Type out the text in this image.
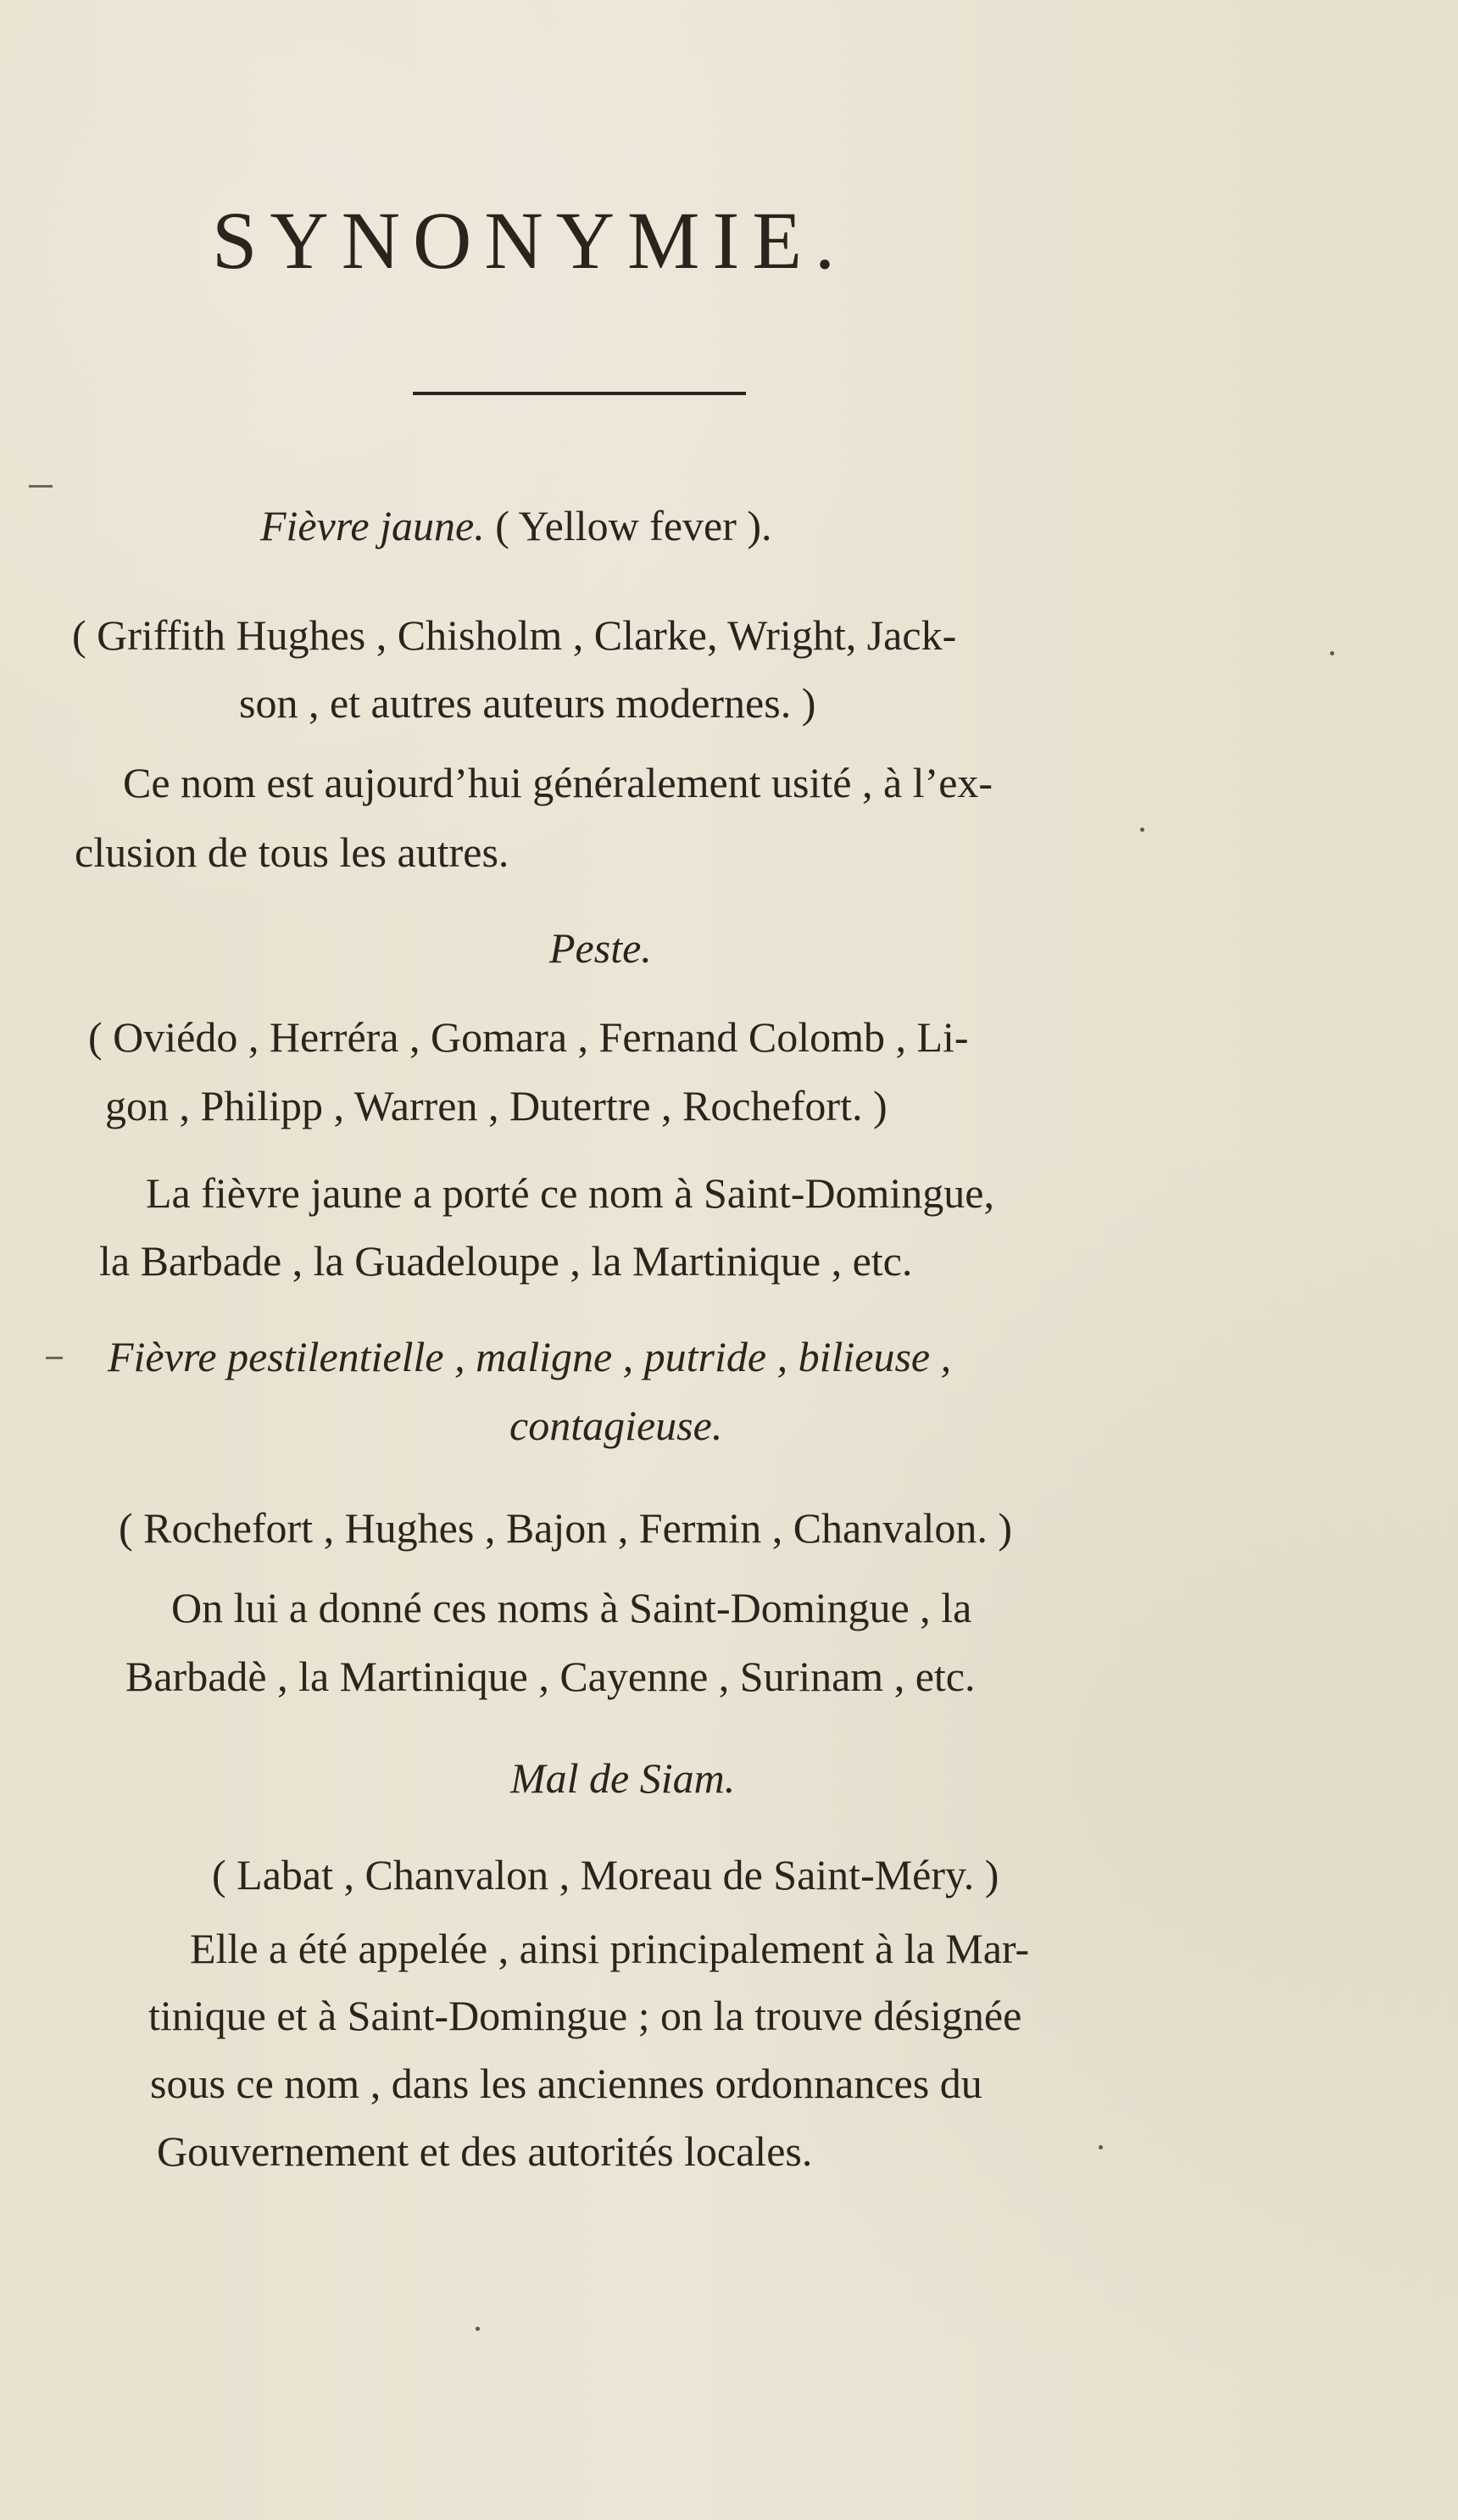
SYNONYMIE.
Fièvre jaune. ( Yellow fever ).
( Griffith Hughes , Chisholm , Clarke, Wright, Jack-
son , et autres auteurs modernes. )
Ce nom est aujourd’hui généralement usité , à l’ex-
clusion de tous les autres.
Peste.
( Oviédo , Herréra , Gomara , Fernand Colomb , Li-
gon , Philipp , Warren , Dutertre , Rochefort. )
La fièvre jaune a porté ce nom à Saint-Domingue,
la Barbade , la Guadeloupe , la Martinique , etc.
Fièvre pestilentielle , maligne , putride , bilieuse ,
contagieuse.
( Rochefort , Hughes , Bajon , Fermin , Chanvalon. )
On lui a donné ces noms à Saint-Domingue , la
Barbadè , la Martinique , Cayenne , Surinam , etc.
Mal de Siam.
( Labat , Chanvalon , Moreau de Saint-Méry. )
Elle a été appelée , ainsi principalement à la Mar-
tinique et à Saint-Domingue ; on la trouve désignée
sous ce nom , dans les anciennes ordonnances du
Gouvernement et des autorités locales.
